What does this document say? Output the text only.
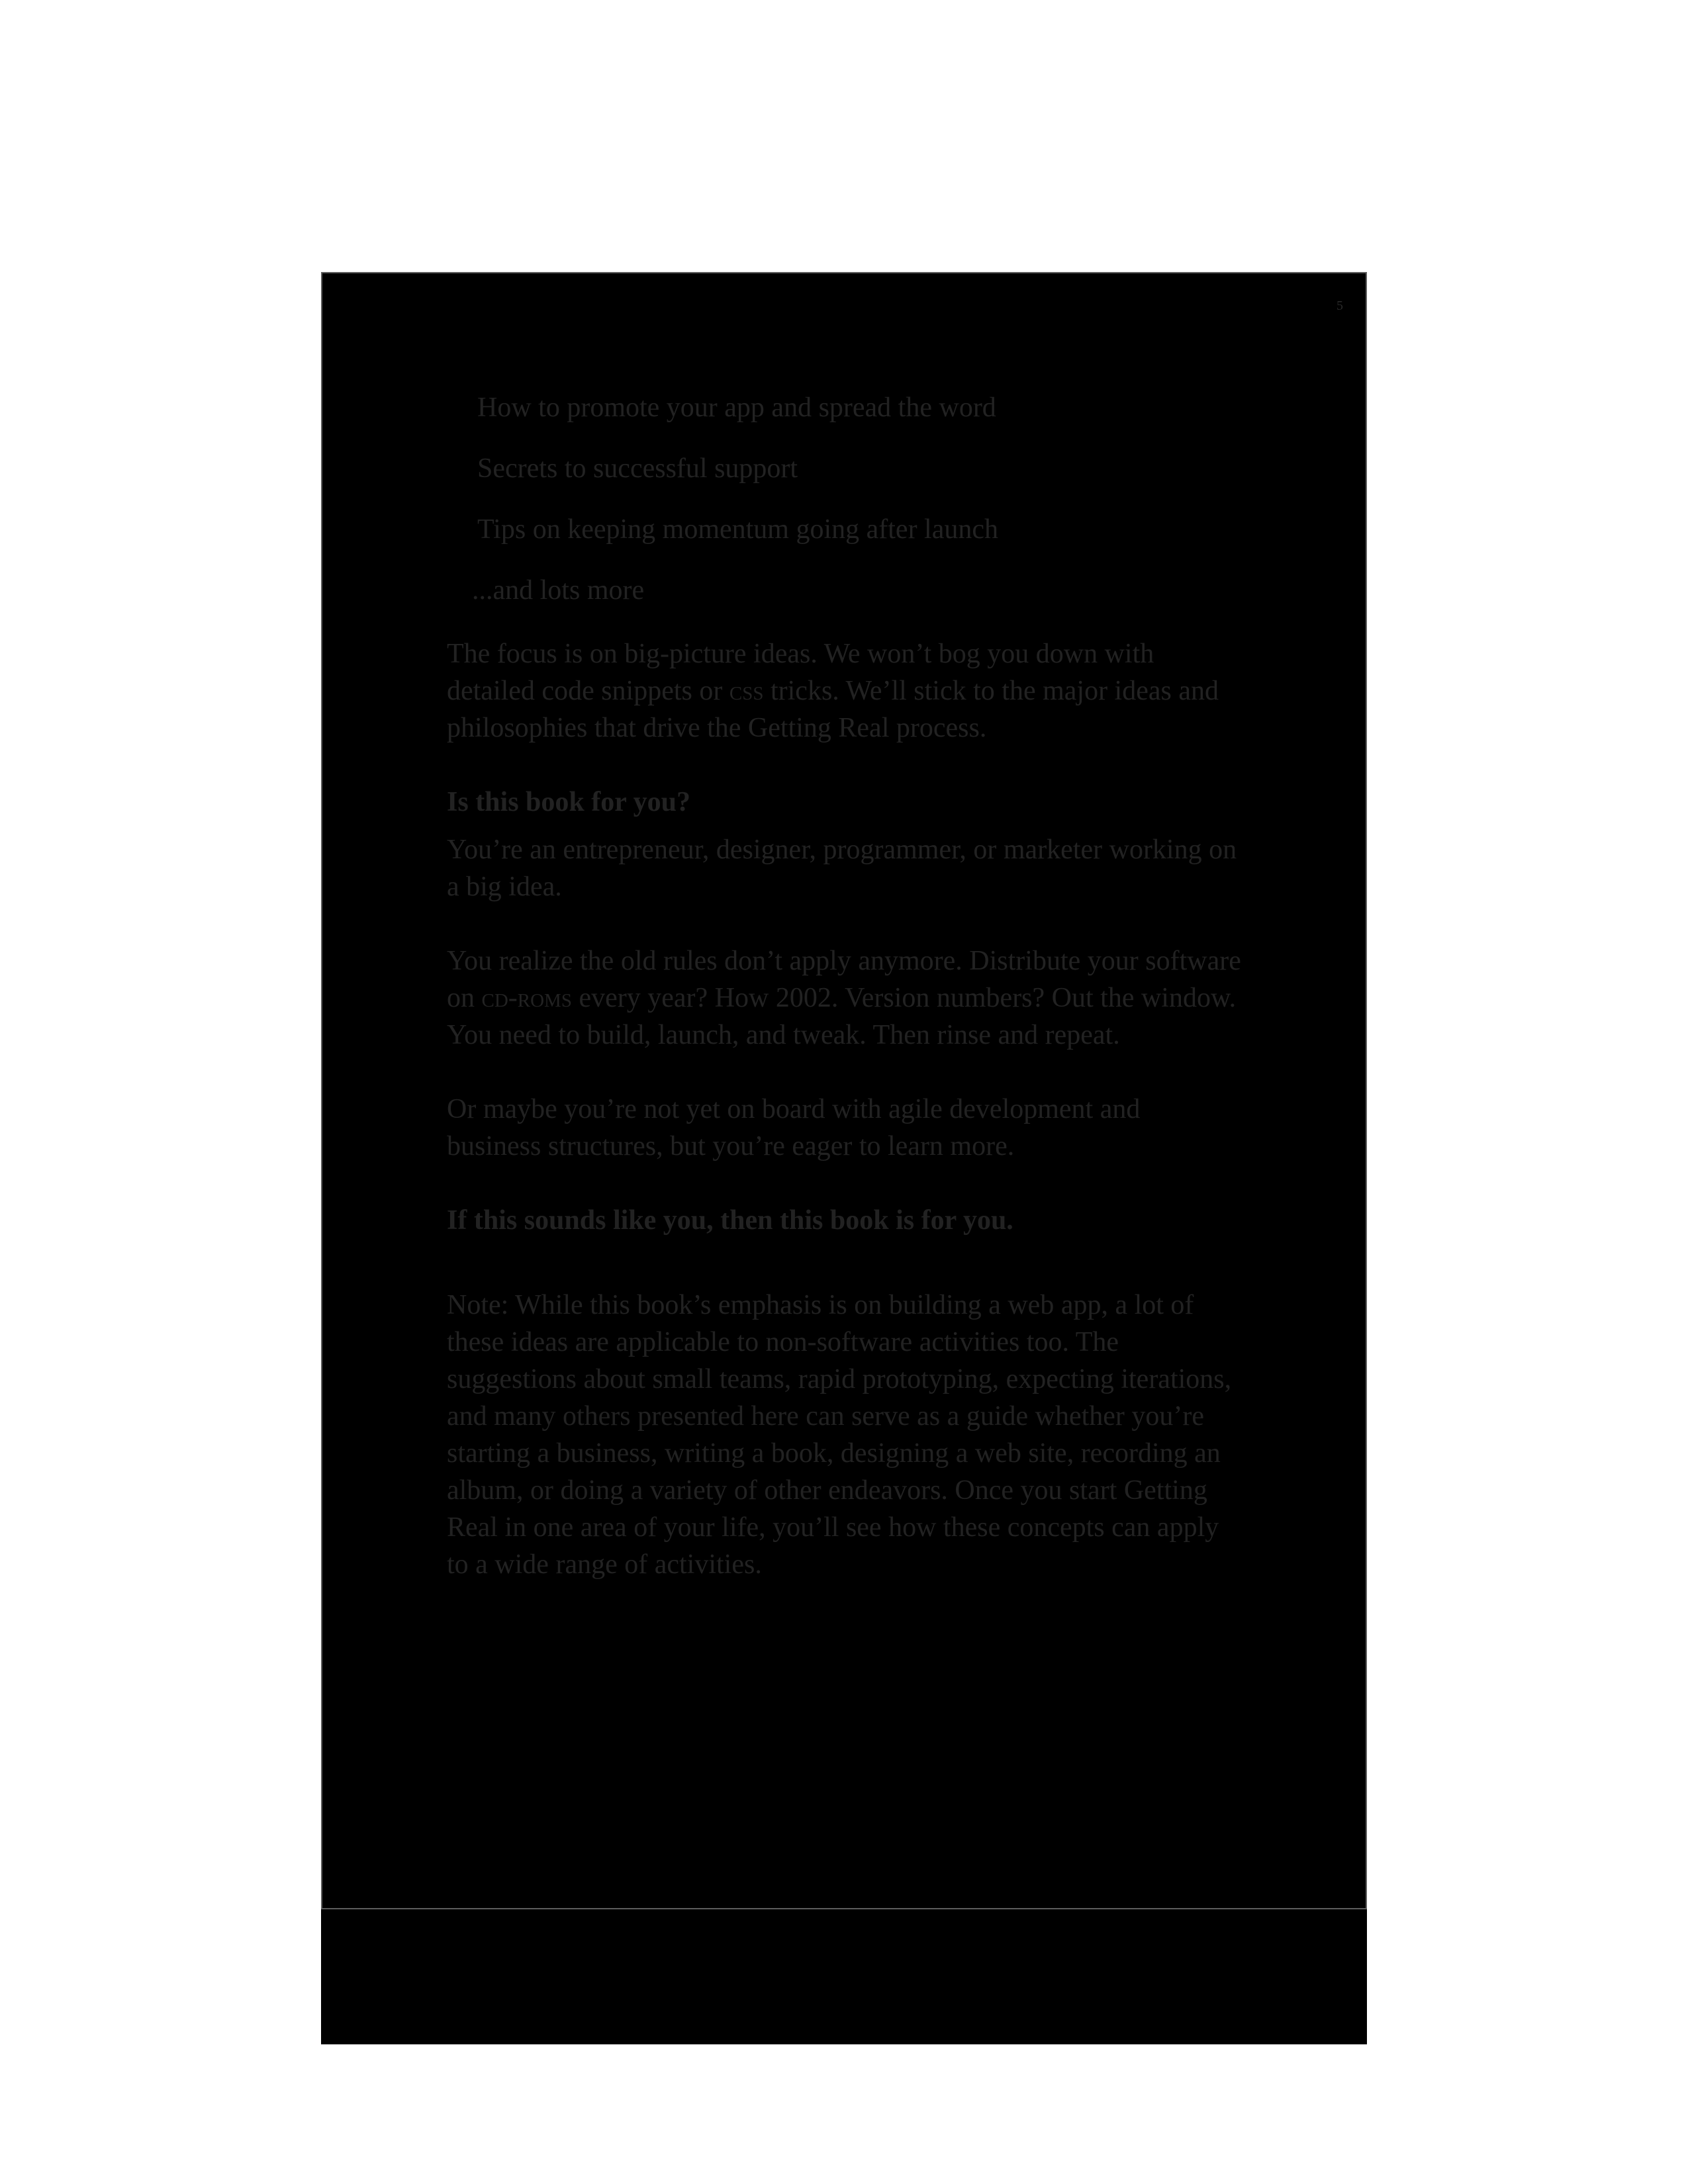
5
How to promote your app and spread the word
Secrets to successful support
Tips on keeping momentum going after launch
...and lots more

The focus is on big-picture ideas. We won’t bog you down with detailed code snippets or css tricks. We’ll stick to the major ideas and philosophies that drive the Getting Real process.

Is this book for you?

You’re an entrepreneur, designer, programmer, or marketer working on a big idea.

You realize the old rules don’t apply anymore. Distribute your software on cd-roms every year? How 2002. Version numbers? Out the window. You need to build, launch, and tweak. Then rinse and repeat.

Or maybe you’re not yet on board with agile development and business structures, but you’re eager to learn more.

If this sounds like you, then this book is for you.

Note: While this book’s emphasis is on building a web app, a lot of these ideas are applicable to non-software activities too. The suggestions about small teams, rapid prototyping, expecting iterations, and many others presented here can serve as a guide whether you’re starting a business, writing a book, designing a web site, recording an album, or doing a variety of other endeavors. Once you start Getting Real in one area of your life, you’ll see how these concepts can apply to a wide range of activities.
